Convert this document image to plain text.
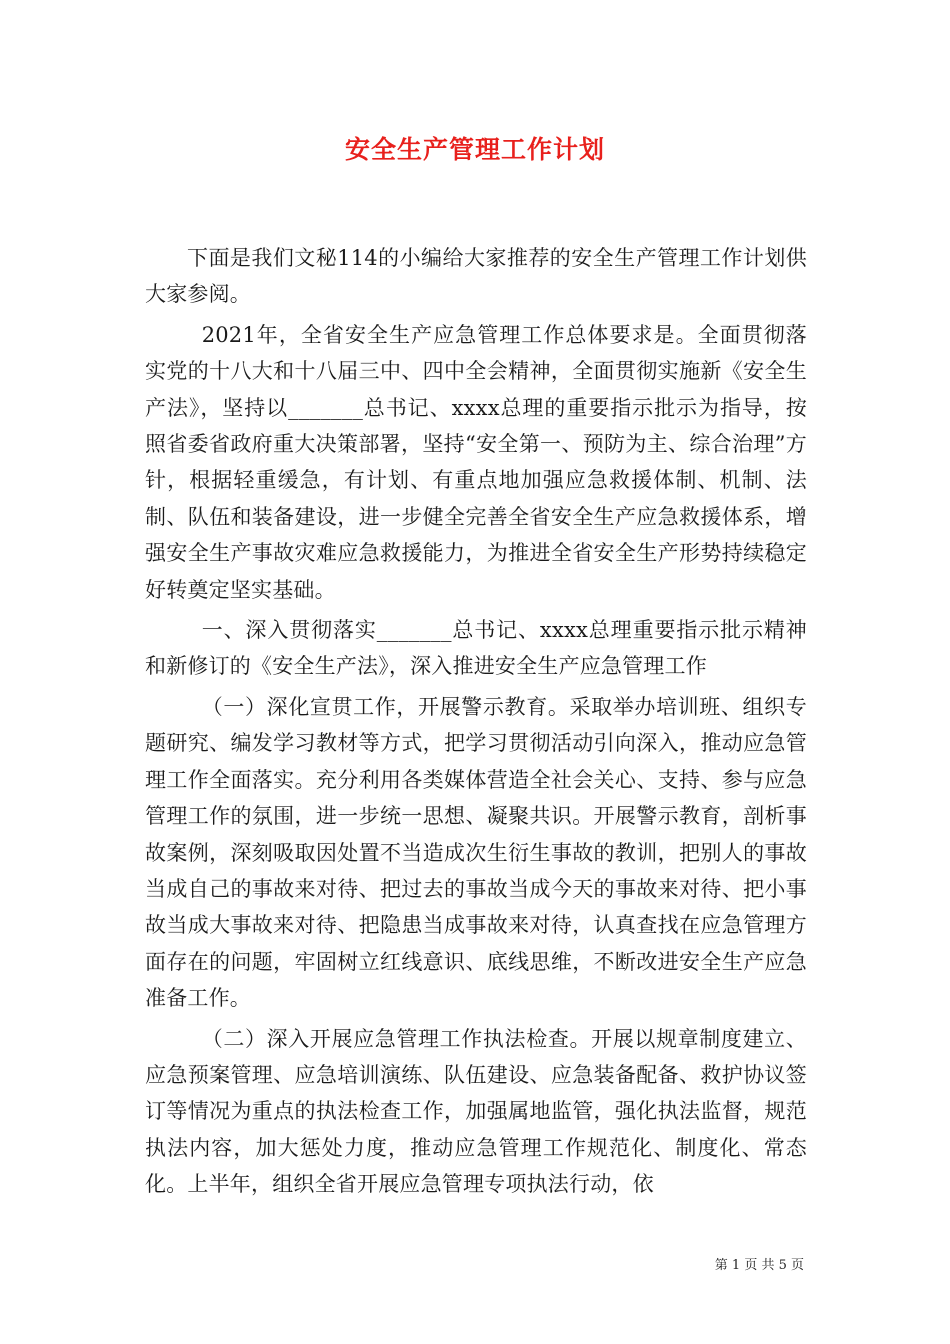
安全生产管理工作计划

下面是我们文秘114的小编给大家推荐的安全生产管理工作计划供大家参阅。

2021年，全省安全生产应急管理工作总体要求是。全面贯彻落实党的十八大和十八届三中、四中全会精神，全面贯彻实施新《安全生产法》，坚持以_______总书记、xxxx总理的重要指示批示为指导，按照省委省政府重大决策部署，坚持“安全第一、预防为主、综合治理”方针，根据轻重缓急，有计划、有重点地加强应急救援体制、机制、法制、队伍和装备建设，进一步健全完善全省安全生产应急救援体系，增强安全生产事故灾难应急救援能力，为推进全省安全生产形势持续稳定好转奠定坚实基础。

一、深入贯彻落实_______总书记、xxxx总理重要指示批示精神和新修订的《安全生产法》，深入推进安全生产应急管理工作

（一）深化宣贯工作，开展警示教育。采取举办培训班、组织专题研究、编发学习教材等方式，把学习贯彻活动引向深入，推动应急管理工作全面落实。充分利用各类媒体营造全社会关心、支持、参与应急管理工作的氛围，进一步统一思想、凝聚共识。开展警示教育，剖析事故案例，深刻吸取因处置不当造成次生衍生事故的教训，把别人的事故当成自己的事故来对待、把过去的事故当成今天的事故来对待、把小事故当成大事故来对待、把隐患当成事故来对待，认真查找在应急管理方面存在的问题，牢固树立红线意识、底线思维，不断改进安全生产应急准备工作。

（二）深入开展应急管理工作执法检查。开展以规章制度建立、应急预案管理、应急培训演练、队伍建设、应急装备配备、救护协议签订等情况为重点的执法检查工作，加强属地监管，强化执法监督，规范执法内容，加大惩处力度，推动应急管理工作规范化、制度化、常态化。上半年，组织全省开展应急管理专项执法行动，依

第 1 页 共 5 页
